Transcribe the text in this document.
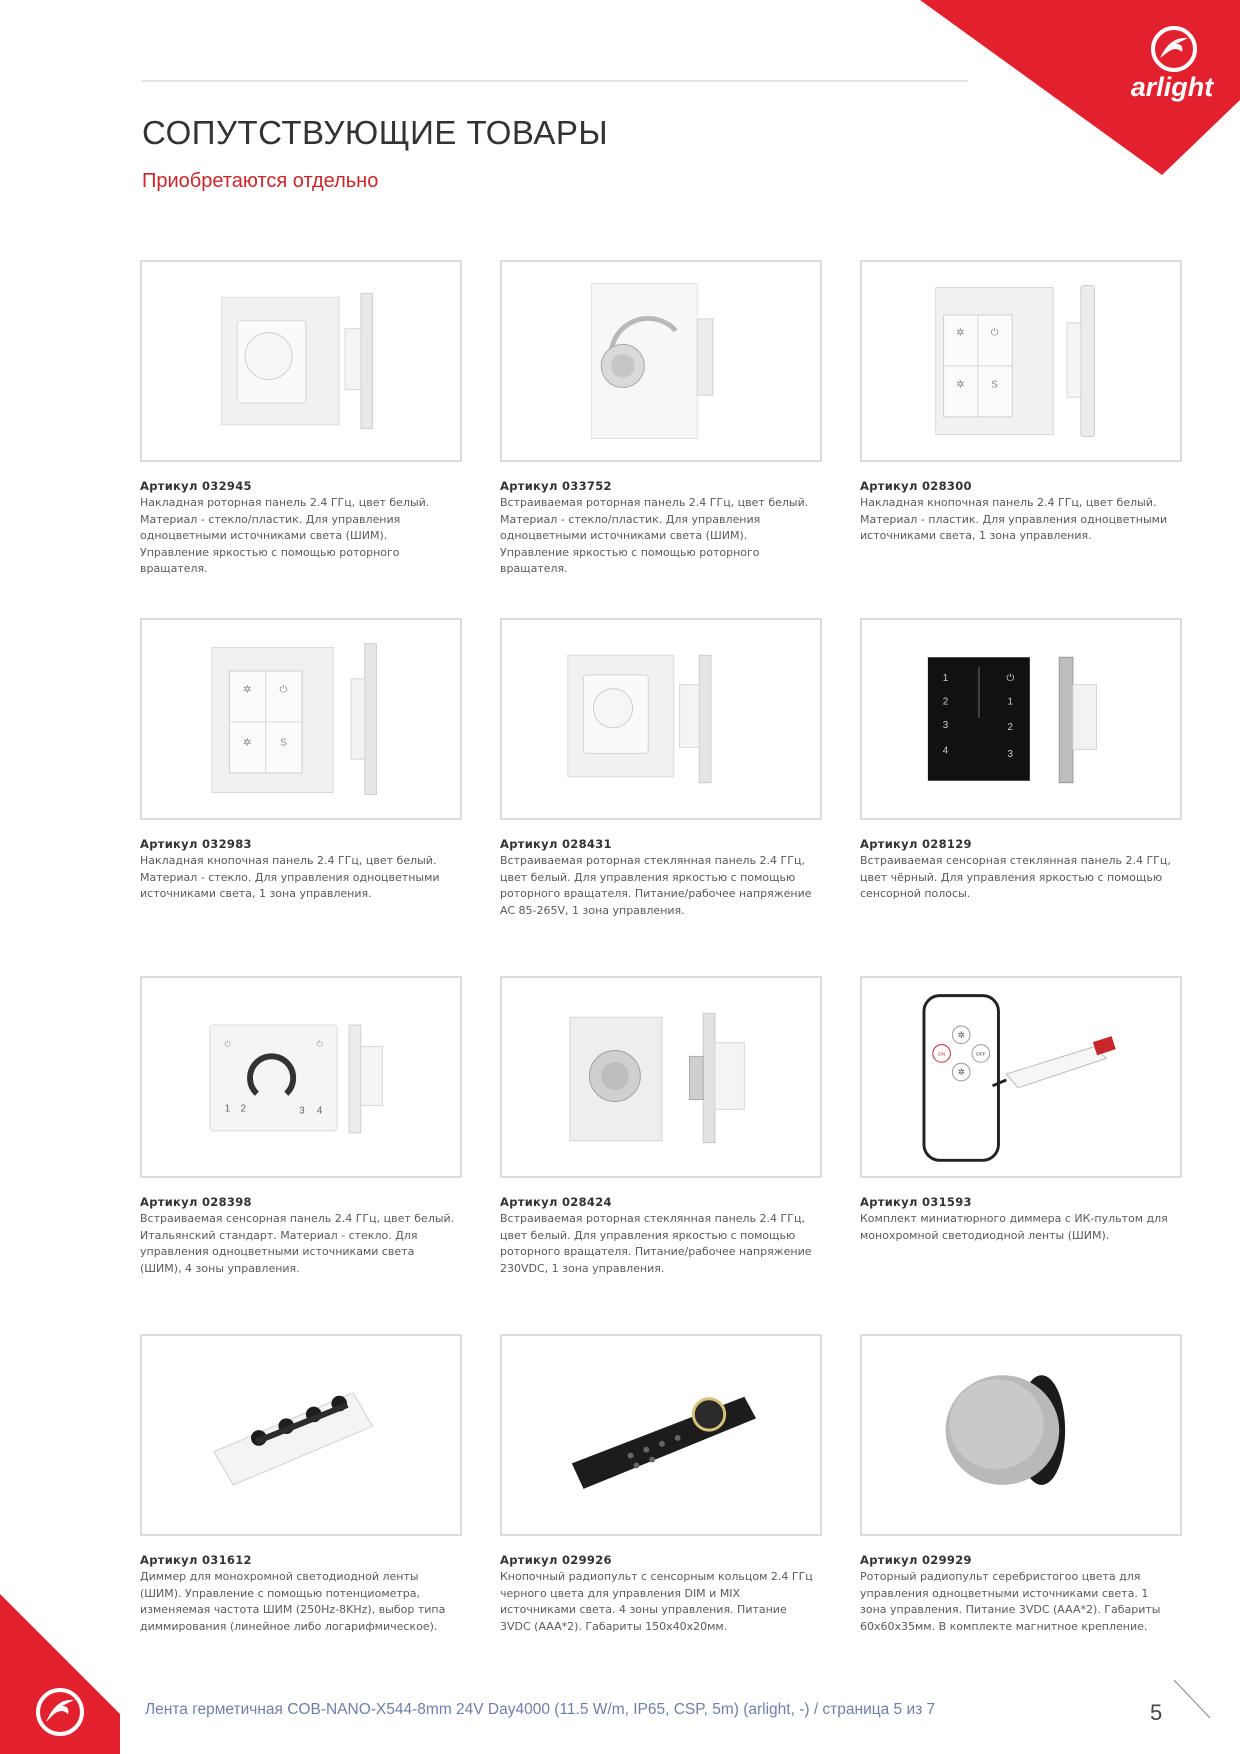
arlight
СОПУТСТВУЮЩИЕ ТОВАРЫ
Приобретаются отдельно
Артикул 032945
Накладная роторная панель 2.4 ГГц, цвет белый. Материал - стекло/пластик. Для управления одноцветными источниками света (ШИМ). Управление яркостью с помощью роторного вращателя.
Артикул 033752
Встраиваемая роторная панель 2.4 ГГц, цвет белый. Материал - стекло/пластик. Для управления одноцветными источниками света (ШИМ). Управление яркостью с помощью роторного вращателя.
✲	⏻
✲	S
Артикул 028300
Накладная кнопочная панель 2.4 ГГц, цвет белый. Материал - пластик. Для управления одноцветными источниками света, 1 зона управления.
✲	⏻
✲	S
Артикул 032983
Накладная кнопочная панель 2.4 ГГц, цвет белый. Материал - стекло. Для управления одноцветными источниками света, 1 зона управления.
Артикул 028431
Встраиваемая роторная стеклянная панель 2.4 ГГц, цвет белый. Для управления яркостью с помощью роторного вращателя. Питание/рабочее напряжение AC 85-265V, 1 зона управления.
1
2
3
4
⏻
1
2
3
Артикул 028129
Встраиваемая сенсорная стеклянная панель 2.4 ГГц, цвет чёрный. Для управления яркостью с помощью сенсорной полосы.
⏻	⏻
1 2	3 4
Артикул 028398
Встраиваемая сенсорная панель 2.4 ГГц, цвет белый. Итальянский стандарт. Материал - стекло. Для управления одноцветными источниками света (ШИМ), 4 зоны управления.
Артикул 028424
Встраиваемая роторная стеклянная панель 2.4 ГГц, цвет белый. Для управления яркостью с помощью роторного вращателя. Питание/рабочее напряжение 230VDC, 1 зона управления.
✲
✲
ON	OFF
Артикул 031593
Комплект миниатюрного диммера с ИК-пультом для монохромной светодиодной ленты (ШИМ).
Артикул 031612
Диммер для монохромной светодиодной ленты (ШИМ). Управление с помощью потенциометра, изменяемая частота ШИМ (250Hz-8KHz), выбор типа диммирования (линейное либо логарифмическое).
Артикул 029926
Кнопочный радиопульт с сенсорным кольцом 2.4 ГГц черного цвета для управления DIM и MIX источниками света. 4 зоны управления. Питание 3VDC (AAA*2). Габариты 150x40x20мм.
Артикул 029929
Роторный радиопульт серебристогоо цвета для управления одноцветными источниками света. 1 зона управления. Питание 3VDC (AAA*2). Габариты 60x60x35мм. В комплекте магнитное крепление.
Лента герметичная COB-NANO-X544-8mm 24V Day4000 (11.5 W/m, IP65, CSP, 5m) (arlight, -) / страница 5 из 7	5
